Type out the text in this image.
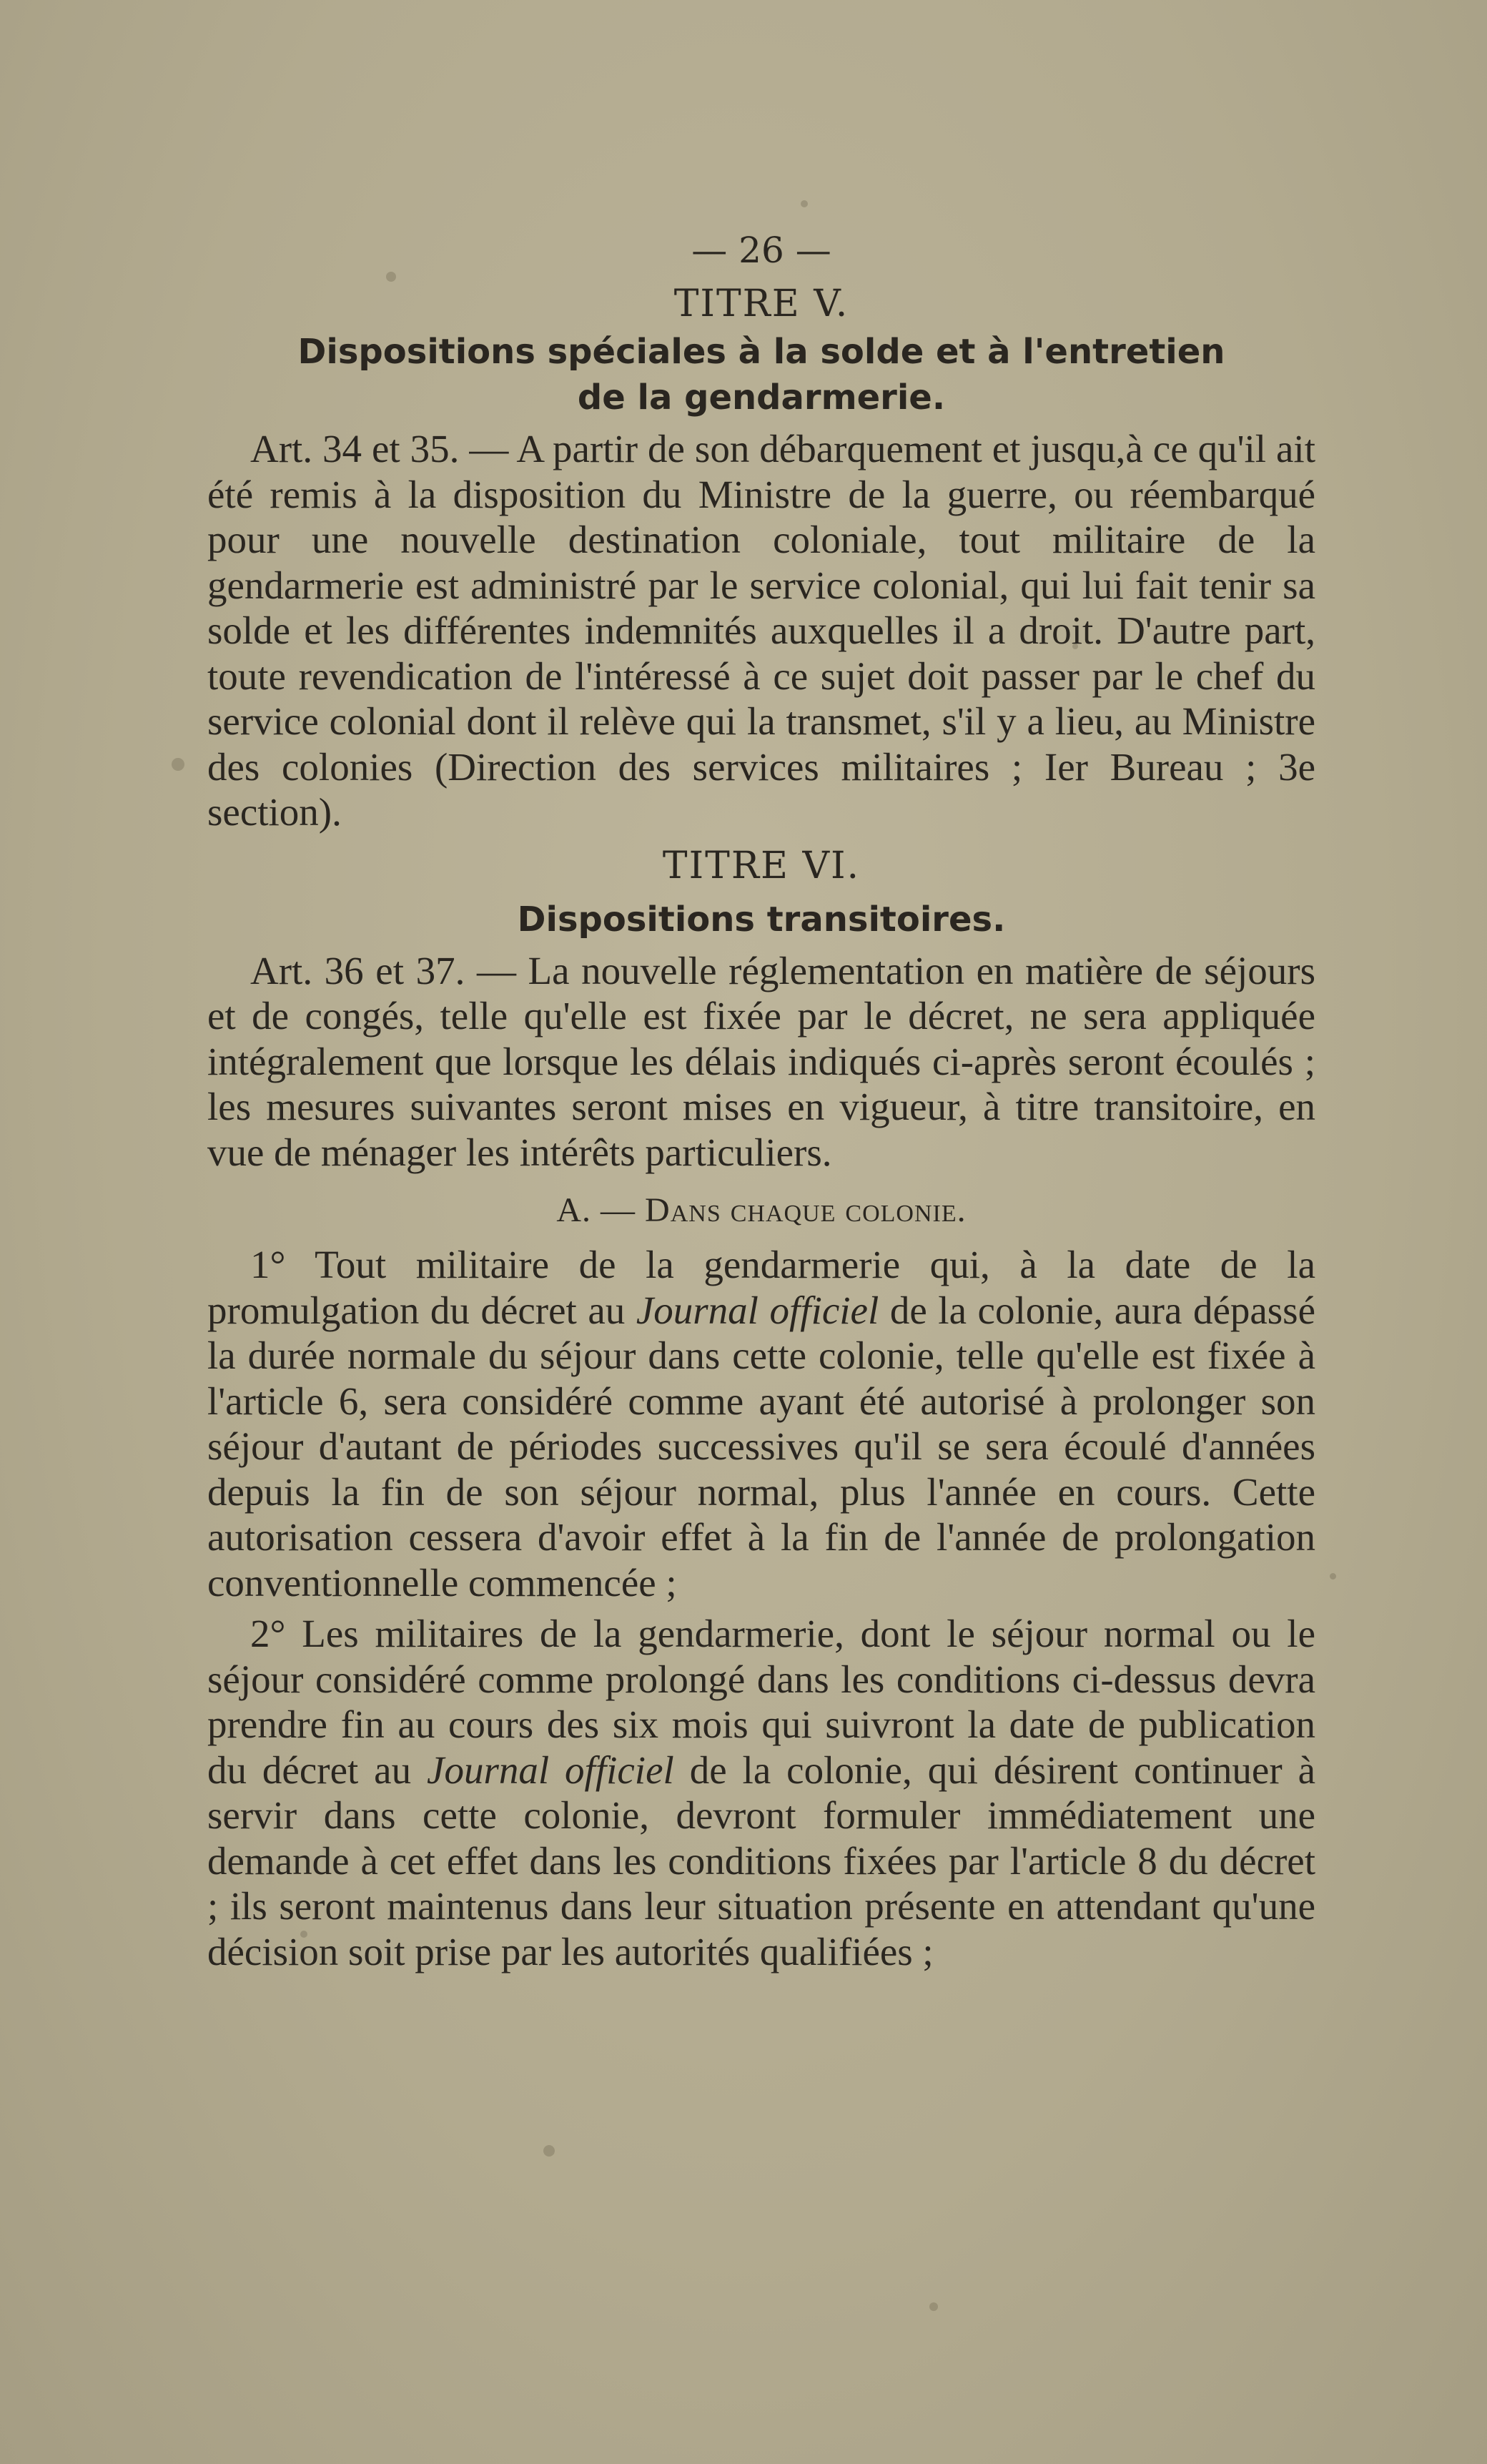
— 26 —

TITRE V.

Dispositions spéciales à la solde et à l'entretien

de la gendarmerie.

Art. 34 et 35. — A partir de son débarquement et jusqu,à ce qu'il ait été remis à la disposition du Ministre de la guerre, ou réembarqué pour une nouvelle destination coloniale, tout militaire de la gendarmerie est administré par le service colonial, qui lui fait tenir sa solde et les différentes indemnités auxquelles il a droit. D'autre part, toute revendication de l'intéressé à ce sujet doit passer par le chef du service colonial dont il relève qui la transmet, s'il y a lieu, au Ministre des colonies (Direction des services militaires ; Ier Bureau ; 3e section).

TITRE VI.

Dispositions transitoires.

Art. 36 et 37. — La nouvelle réglementation en matière de séjours et de congés, telle qu'elle est fixée par le décret, ne sera appliquée intégralement que lorsque les délais indiqués ci-après seront écoulés ; les mesures suivantes seront mises en vigueur, à titre transitoire, en vue de ménager les intérêts particuliers.

A. — Dans chaque colonie.

1° Tout militaire de la gendarmerie qui, à la date de la promulgation du décret au Journal officiel de la colonie, aura dépassé la durée normale du séjour dans cette colonie, telle qu'elle est fixée à l'article 6, sera considéré comme ayant été autorisé à prolonger son séjour d'autant de périodes successives qu'il se sera écoulé d'années depuis la fin de son séjour normal, plus l'année en cours. Cette autorisation cessera d'avoir effet à la fin de l'année de prolongation conventionnelle commencée ;

2° Les militaires de la gendarmerie, dont le séjour normal ou le séjour considéré comme prolongé dans les conditions ci-dessus devra prendre fin au cours des six mois qui suivront la date de publication du décret au Journal officiel de la colonie, qui désirent continuer à servir dans cette colonie, devront formuler immédiatement une demande à cet effet dans les conditions fixées par l'article 8 du décret ; ils seront maintenus dans leur situation présente en attendant qu'une décision soit prise par les autorités qualifiées ;
